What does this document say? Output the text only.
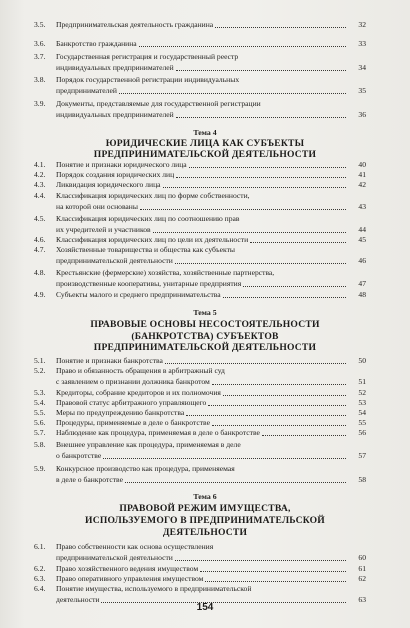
3.5. Предпринимательская деятельность гражданина	32
3.6. Банкротство гражданина	33
3.7. Государственная регистрация и государственный реестр
индивидуальных предпринимателей	34
3.8. Порядок государственной регистрации индивидуальных
предпринимателей	35
3.9. Документы, представляемые для государственной регистрации
индивидуальных предпринимателей	36
Тема 4
ЮРИДИЧЕСКИЕ ЛИЦА КАК СУБЪЕКТЫ
ПРЕДПРИНИМАТЕЛЬСКОЙ ДЕЯТЕЛЬНОСТИ
4.1. Понятие и признаки юридического лица	40
4.2. Порядок создания юридических лиц	41
4.3. Ликвидация юридического лица	42
4.4. Классификация юридических лиц по форме собственности,
на которой они основаны	43
4.5. Классификация юридических лиц по соотношению прав
их учредителей и участников	44
4.6. Классификация юридических лиц по цели их деятельности	45
4.7. Хозяйственные товарищества и общества как субъекты
предпринимательской деятельности	46
4.8. Крестьянские (фермерские) хозяйства, хозяйственные партнерства,
производственные кооперативы, унитарные предприятия	47
4.9. Субъекты малого и среднего предпринимательства	48
Тема 5
ПРАВОВЫЕ ОСНОВЫ НЕСОСТОЯТЕЛЬНОСТИ
(БАНКРОТСТВА) СУБЪЕКТОВ
ПРЕДПРИНИМАТЕЛЬСКОЙ ДЕЯТЕЛЬНОСТИ
5.1. Понятие и признаки банкротства	50
5.2. Право и обязанность обращения в арбитражный суд
с заявлением о признании должника банкротом	51
5.3. Кредиторы, собрание кредиторов и их полномочия	52
5.4. Правовой статус арбитражного управляющего	53
5.5. Меры по предупреждению банкротства	54
5.6. Процедуры, применяемые в деле о банкротстве	55
5.7. Наблюдение как процедура, применяемая в деле о банкротстве	56
5.8. Внешнее управление как процедура, применяемая в деле
о банкротстве	57
5.9. Конкурсное производство как процедура, применяемая
в деле о банкротстве	58
Тема 6
ПРАВОВОЙ РЕЖИМ ИМУЩЕСТВА,
ИСПОЛЬЗУЕМОГО В ПРЕДПРИНИМАТЕЛЬСКОЙ
ДЕЯТЕЛЬНОСТИ
6.1. Право собственности как основа осуществления
предпринимательской деятельности	60
6.2. Право хозяйственного ведения имуществом	61
6.3. Право оперативного управления имуществом	62
6.4. Понятие имущества, используемого в предпринимательской
деятельности	63
154
